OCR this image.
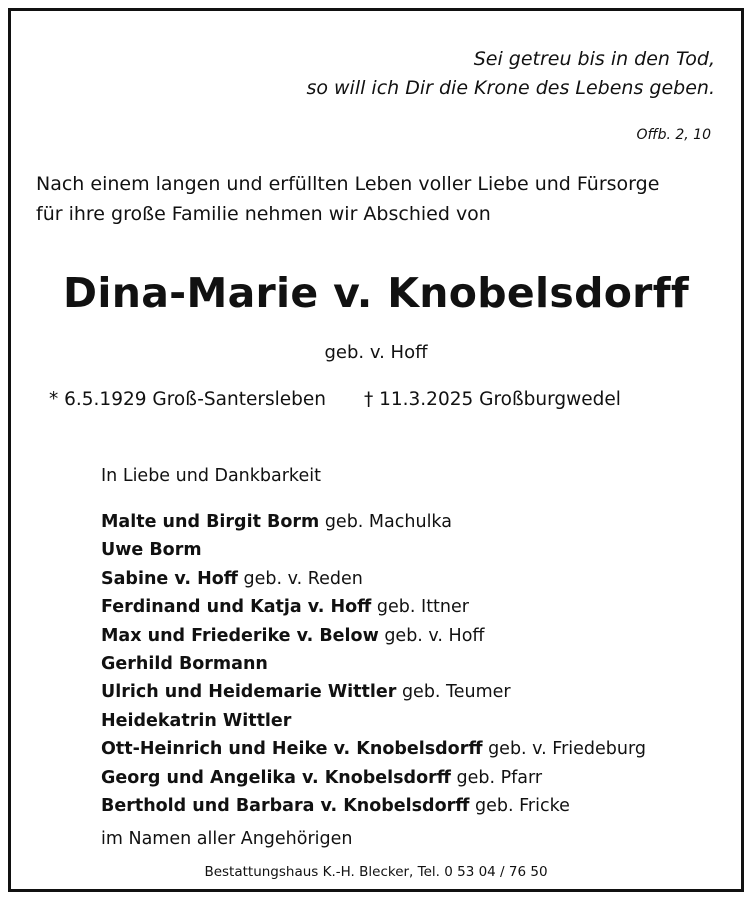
Sei getreu bis in den Tod,
so will ich Dir die Krone des Lebens geben.
Offb. 2, 10
Nach einem langen und erfüllten Leben voller Liebe und Fürsorge
für ihre große Familie nehmen wir Abschied von
Dina-Marie v. Knobelsdorff
geb. v. Hoff
* 6.5.1929 Groß-Santersleben † 11.3.2025 Großburgwedel
In Liebe und Dankbarkeit
Malte und Birgit Borm geb. Machulka
Uwe Borm
Sabine v. Hoff geb. v. Reden
Ferdinand und Katja v. Hoff geb. Ittner
Max und Friederike v. Below geb. v. Hoff
Gerhild Bormann
Ulrich und Heidemarie Wittler geb. Teumer
Heidekatrin Wittler
Ott-Heinrich und Heike v. Knobelsdorff geb. v. Friedeburg
Georg und Angelika v. Knobelsdorff geb. Pfarr
Berthold und Barbara v. Knobelsdorff geb. Fricke
im Namen aller Angehörigen
Bestattungshaus K.-H. Blecker, Tel. 0 53 04 / 76 50
